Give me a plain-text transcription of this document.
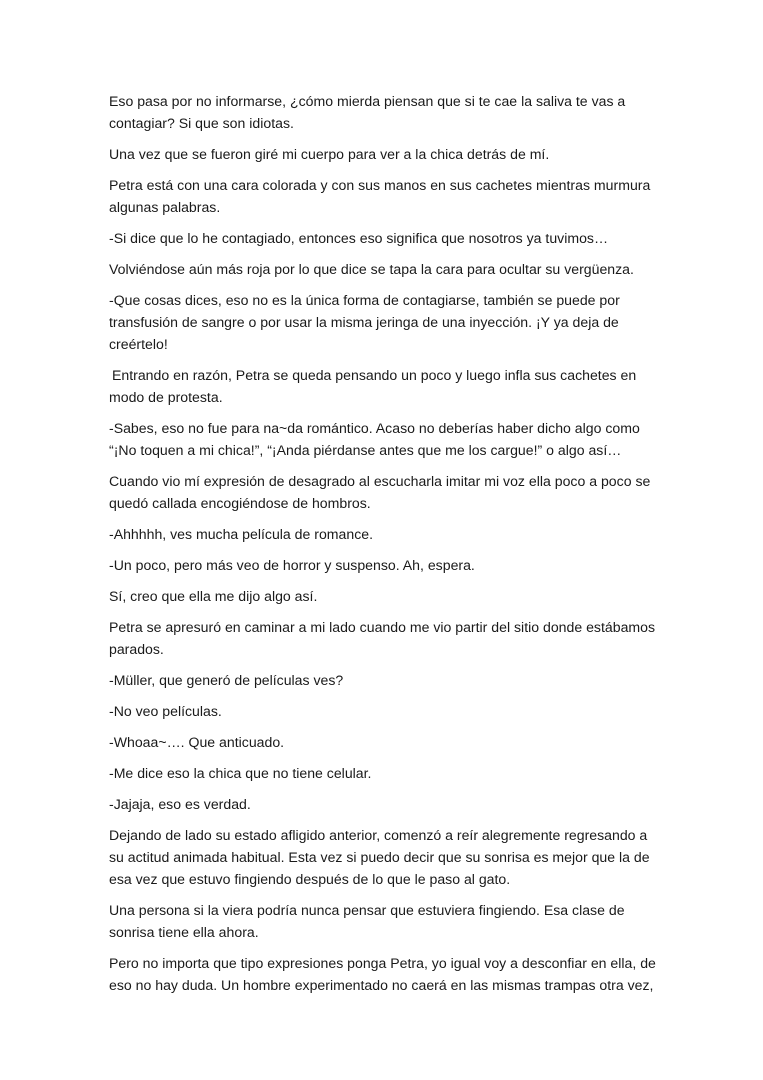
Eso pasa por no informarse, ¿cómo mierda piensan que si te cae la saliva te vas a contagiar? Si que son idiotas.

Una vez que se fueron giré mi cuerpo para ver a la chica detrás de mí.

Petra está con una cara colorada y con sus manos en sus cachetes mientras murmura algunas palabras.

-Si dice que lo he contagiado, entonces eso significa que nosotros ya tuvimos…

Volviéndose aún más roja por lo que dice se tapa la cara para ocultar su vergüenza.

-Que cosas dices, eso no es la única forma de contagiarse, también se puede por transfusión de sangre o por usar la misma jeringa de una inyección. ¡Y ya deja de creértelo!

Entrando en razón, Petra se queda pensando un poco y luego infla sus cachetes en modo de protesta.

-Sabes, eso no fue para na~da romántico. Acaso no deberías haber dicho algo como “¡No toquen a mi chica!”, “¡Anda piérdanse antes que me los cargue!” o algo así…

Cuando vio mí expresión de desagrado al escucharla imitar mi voz ella poco a poco se quedó callada encogiéndose de hombros.

-Ahhhhh, ves mucha película de romance.

-Un poco, pero más veo de horror y suspenso. Ah, espera.

Sí, creo que ella me dijo algo así.

Petra se apresuró en caminar a mi lado cuando me vio partir del sitio donde estábamos parados.

-Müller, que generó de películas ves?

-No veo películas.

-Whoaa~…. Que anticuado.

-Me dice eso la chica que no tiene celular.

-Jajaja, eso es verdad.

Dejando de lado su estado afligido anterior, comenzó a reír alegremente regresando a su actitud animada habitual. Esta vez si puedo decir que su sonrisa es mejor que la de esa vez que estuvo fingiendo después de lo que le paso al gato.

Una persona si la viera podría nunca pensar que estuviera fingiendo. Esa clase de sonrisa tiene ella ahora.

Pero no importa que tipo expresiones ponga Petra, yo igual voy a desconfiar en ella, de eso no hay duda. Un hombre experimentado no caerá en las mismas trampas otra vez,
